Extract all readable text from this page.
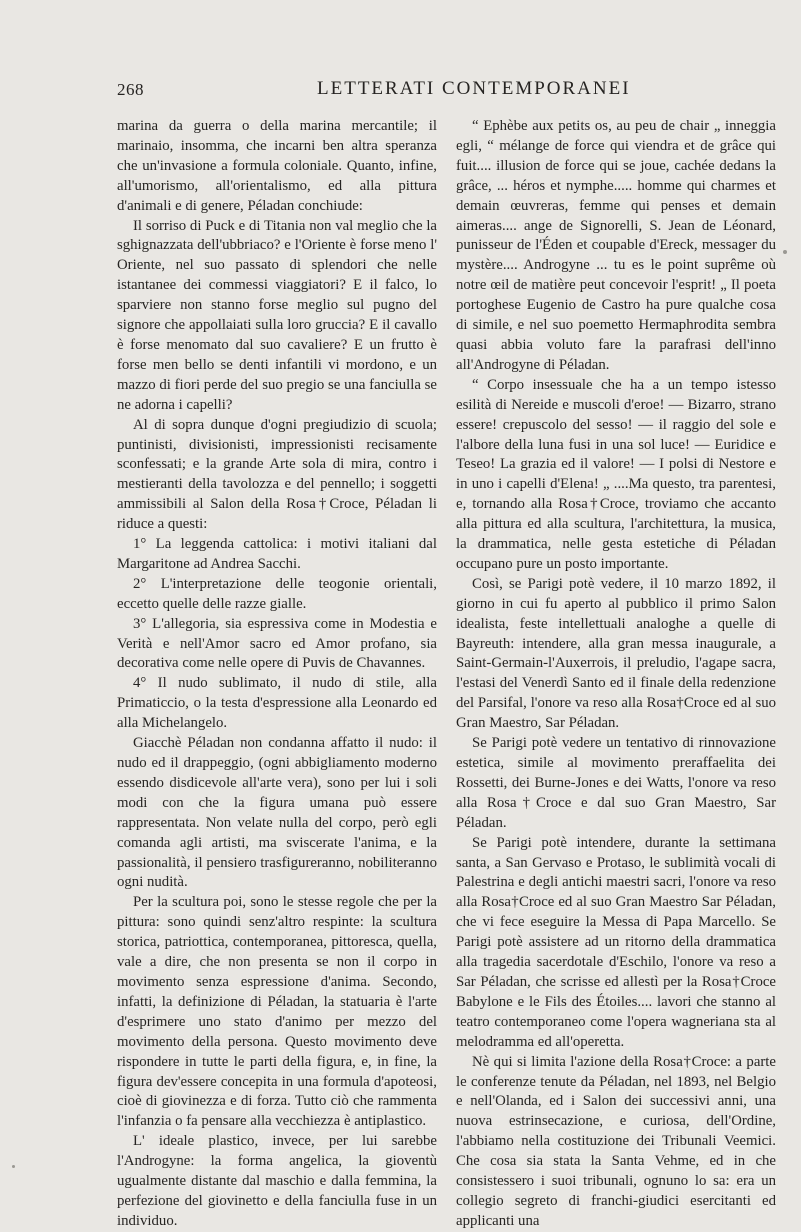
268	LETTERATI CONTEMPORANEI

marina da guerra o della marina mercantile; il marinaio, insomma, che incarni ben altra speranza che un'invasione a formula coloniale. Quanto, infine, all'umorismo, all'orientalismo, ed alla pittura d'animali e di genere, Péladan conchiude:

Il sorriso di Puck e di Titania non val meglio che la sghignazzata dell'ubbriaco? e l'Oriente è forse meno l' Oriente, nel suo passato di splendori che nelle istantanee dei commessi viaggiatori? E il falco, lo sparviere non stanno forse meglio sul pugno del signore che appollaiati sulla loro gruccia? E il cavallo è forse menomato dal suo cavaliere? E un frutto è forse men bello se denti infantili vi mordono, e un mazzo di fiori perde del suo pregio se una fanciulla se ne adorna i capelli?

Al di sopra dunque d'ogni pregiudizio di scuola; puntinisti, divisionisti, impressionisti recisamente sconfessati; e la grande Arte sola di mira, contro i mestieranti della tavolozza e del pennello; i soggetti ammissibili al Salon della Rosa†Croce, Péladan li riduce a questi:

1° La leggenda cattolica: i motivi italiani dal Margaritone ad Andrea Sacchi.

2° L'interpretazione delle teogonie orientali, eccetto quelle delle razze gialle.

3° L'allegoria, sia espressiva come in Modestia e Verità e nell'Amor sacro ed Amor profano, sia decorativa come nelle opere di Puvis de Chavannes.

4° Il nudo sublimato, il nudo di stile, alla Primaticcio, o la testa d'espressione alla Leonardo ed alla Michelangelo.

Giacchè Péladan non condanna affatto il nudo: il nudo ed il drappeggio, (ogni abbigliamento moderno essendo disdicevole all'arte vera), sono per lui i soli modi con che la figura umana può essere rappresentata. Non velate nulla del corpo, però egli comanda agli artisti, ma sviscerate l'anima, e la passionalità, il pensiero trasfigureranno, nobiliteranno ogni nudità.

Per la scultura poi, sono le stesse regole che per la pittura: sono quindi senz'altro respinte: la scultura storica, patriottica, contemporanea, pittoresca, quella, vale a dire, che non presenta se non il corpo in movimento senza espressione d'anima. Secondo, infatti, la definizione di Péladan, la statuaria è l'arte d'esprimere uno stato d'animo per mezzo del movimento della persona. Questo movimento deve rispondere in tutte le parti della figura, e, in fine, la figura dev'essere concepita in una formula d'apoteosi, cioè di giovinezza e di forza. Tutto ciò che rammenta l'infanzia o fa pensare alla vecchiezza è antiplastico.

L' ideale plastico, invece, per lui sarebbe l'Androgyne: la forma angelica, la gioventù ugualmente distante dal maschio e dalla femmina, la perfezione del giovinetto e della fanciulla fuse in un individuo.

“ Ephèbe aux petits os, au peu de chair „ inneggia egli, “ mélange de force qui viendra et de grâce qui fuit.... illusion de force qui se joue, cachée dedans la grâce, ... héros et nymphe..... homme qui charmes et demain œuvreras, femme qui penses et demain aimeras.... ange de Signorelli, S. Jean de Léonard, punisseur de l'Éden et coupable d'Ereck, messager du mystère.... Androgyne ... tu es le point suprême où notre œil de matière peut concevoir l'esprit! „ Il poeta portoghese Eugenio de Castro ha pure qualche cosa di simile, e nel suo poemetto Hermaphrodita sembra quasi abbia voluto fare la parafrasi dell'inno all'Androgyne di Péladan.

“ Corpo insessuale che ha a un tempo istesso esilità di Nereide e muscoli d'eroe! — Bizarro, strano essere! crepuscolo del sesso! — il raggio del sole e l'albore della luna fusi in una sol luce! — Euridice e Teseo! La grazia ed il valore! — I polsi di Nestore e in uno i capelli d'Elena! „ ....Ma questo, tra parentesi, e, tornando alla Rosa†Croce, troviamo che accanto alla pittura ed alla scultura, l'architettura, la musica, la drammatica, nelle gesta estetiche di Péladan occupano pure un posto importante.

Così, se Parigi potè vedere, il 10 marzo 1892, il giorno in cui fu aperto al pubblico il primo Salon idealista, feste intellettuali analoghe a quelle di Bayreuth: intendere, alla gran messa inaugurale, a Saint-Germain-l'Auxerrois, il preludio, l'agape sacra, l'estasi del Venerdì Santo ed il finale della redenzione del Parsifal, l'onore va reso alla Rosa†Croce ed al suo Gran Maestro, Sar Péladan.

Se Parigi potè vedere un tentativo di rinnovazione estetica, simile al movimento preraffaelita dei Rossetti, dei Burne-Jones e dei Watts, l'onore va reso alla Rosa†Croce e dal suo Gran Maestro, Sar Péladan.

Se Parigi potè intendere, durante la settimana santa, a San Gervaso e Protaso, le sublimità vocali di Palestrina e degli antichi maestri sacri, l'onore va reso alla Rosa†Croce ed al suo Gran Maestro Sar Péladan, che vi fece eseguire la Messa di Papa Marcello. Se Parigi potè assistere ad un ritorno della drammatica alla tragedia sacerdotale d'Eschilo, l'onore va reso a Sar Péladan, che scrisse ed allestì per la Rosa†Croce Babylone e le Fils des Étoiles.... lavori che stanno al teatro contemporaneo come l'opera wagneriana sta al melodramma ed all'operetta.

Nè qui si limita l'azione della Rosa†Croce: a parte le conferenze tenute da Péladan, nel 1893, nel Belgio e nell'Olanda, ed i Salon dei successivi anni, una nuova estrinsecazione, e curiosa, dell'Ordine, l'abbiamo nella costituzione dei Tribunali Veemici. Che cosa sia stata la Santa Vehme, ed in che consistessero i suoi tribunali, ognuno lo sa: era un collegio segreto di franchi-giudici esercitanti ed applicanti una
